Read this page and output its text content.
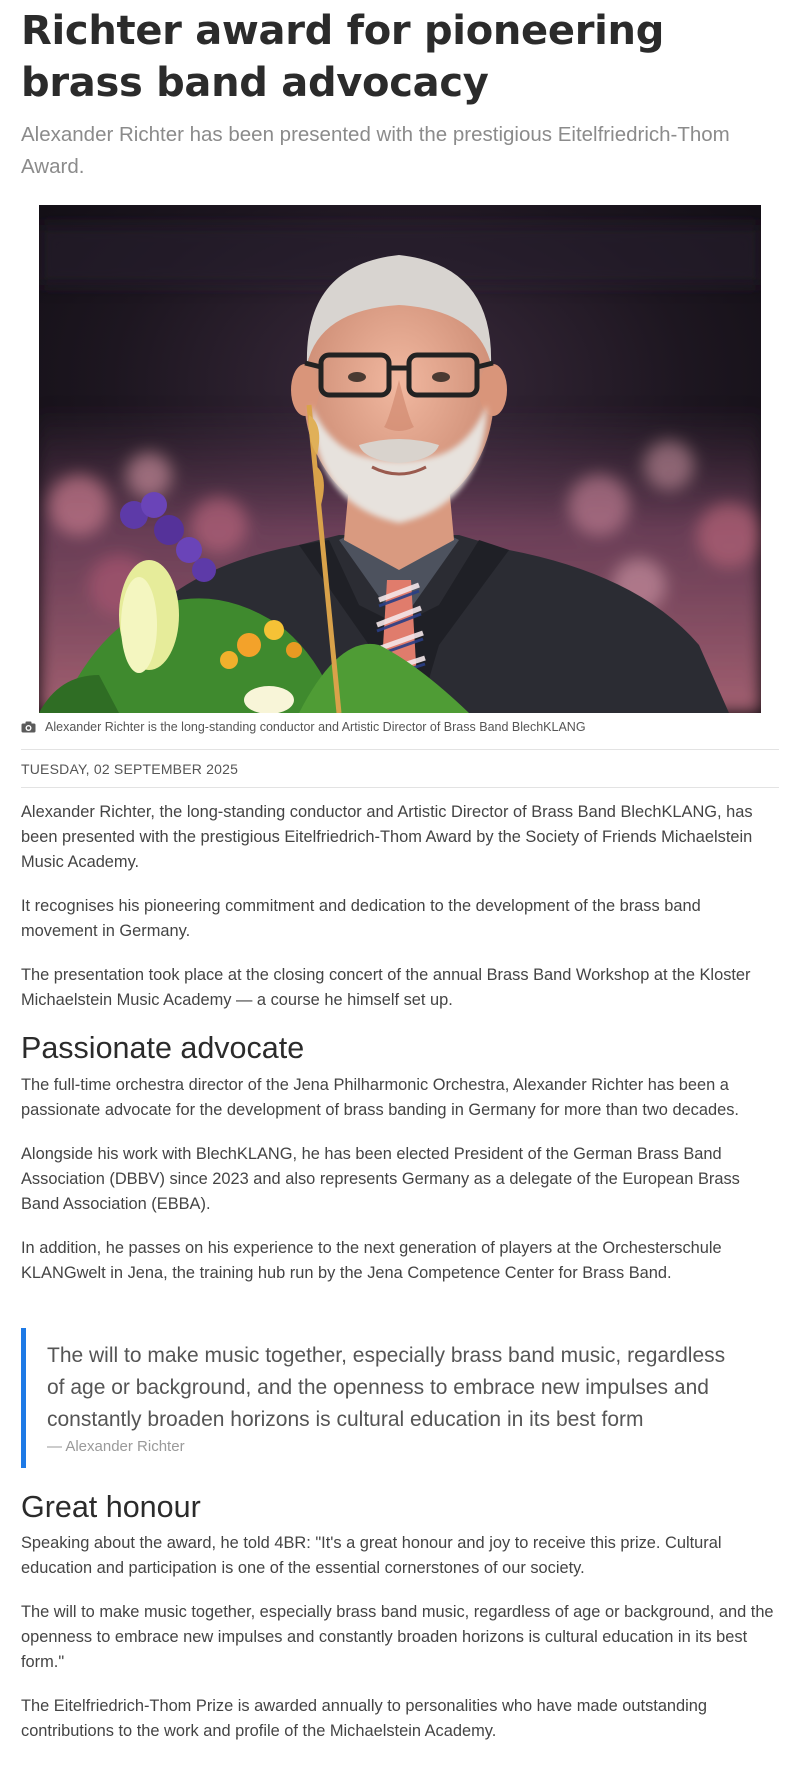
Richter award for pioneering brass band advocacy

Alexander Richter has been presented with the prestigious Eitelfriedrich-Thom Award.

Alexander Richter is the long-standing conductor and Artistic Director of Brass Band BlechKLANG
TUESDAY, 02 SEPTEMBER 2025

Alexander Richter, the long-standing conductor and Artistic Director of Brass Band BlechKLANG, has been presented with the prestigious Eitelfriedrich-Thom Award by the Society of Friends Michaelstein Music Academy.

It recognises his pioneering commitment and dedication to the development of the brass band movement in Germany.

The presentation took place at the closing concert of the annual Brass Band Workshop at the Kloster Michaelstein Music Academy — a course he himself set up.

Passionate advocate

The full-time orchestra director of the Jena Philharmonic Orchestra, Alexander Richter has been a passionate advocate for the development of brass banding in Germany for more than two decades.

Alongside his work with BlechKLANG, he has been elected President of the German Brass Band Association (DBBV) since 2023 and also represents Germany as a delegate of the European Brass Band Association (EBBA).

In addition, he passes on his experience to the next generation of players at the Orchesterschule KLANGwelt in Jena, the training hub run by the Jena Competence Center for Brass Band.

The will to make music together, especially brass band music, regardless of age or background, and the openness to embrace new impulses and constantly broaden horizons is cultural education in its best form

— Alexander Richter
Great honour

Speaking about the award, he told 4BR: "It's a great honour and joy to receive this prize. Cultural education and participation is one of the essential cornerstones of our society.

The will to make music together, especially brass band music, regardless of age or background, and the openness to embrace new impulses and constantly broaden horizons is cultural education in its best form."

The Eitelfriedrich-Thom Prize is awarded annually to personalities who have made outstanding contributions to the work and profile of the Michaelstein Academy.
